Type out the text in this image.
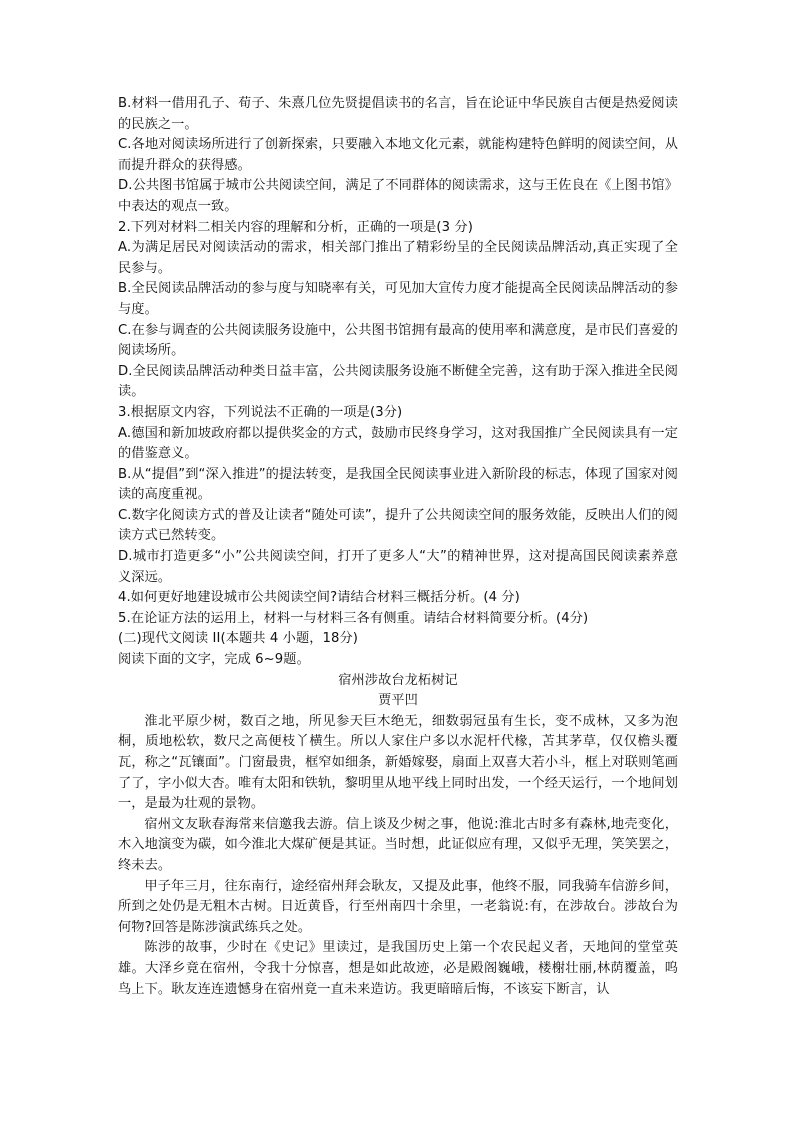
B.材料一借用孔子、荀子、朱熹几位先贤提倡读书的名言，旨在论证中华民族自古便是热爱阅读的民族之一。

C.各地对阅读场所进行了创新探索，只要融入本地文化元素，就能构建特色鲜明的阅读空间，从而提升群众的获得感。

D.公共图书馆属于城市公共阅读空间，满足了不同群体的阅读需求，这与王佐良在《上图书馆》中表达的观点一致。

2.下列对材料二相关内容的理解和分析，正确的一项是(3 分)

A.为满足居民对阅读活动的需求，相关部门推出了精彩纷呈的全民阅读品牌活动,真正实现了全民参与。

B.全民阅读品牌活动的参与度与知晓率有关，可见加大宣传力度才能提高全民阅读品牌活动的参与度。

C.在参与调查的公共阅读服务设施中，公共图书馆拥有最高的使用率和满意度，是市民们喜爱的阅读场所。

D.全民阅读品牌活动种类日益丰富，公共阅读服务设施不断健全完善，这有助于深入推进全民阅读。

3.根据原文内容，下列说法不正确的一项是(3分)

A.德国和新加坡政府都以提供奖金的方式，鼓励市民终身学习，这对我国推广全民阅读具有一定的借鉴意义。

B.从“提倡”到“深入推进”的提法转变，是我国全民阅读事业进入新阶段的标志，体现了国家对阅读的高度重视。

C.数字化阅读方式的普及让读者“随处可读”，提升了公共阅读空间的服务效能，反映出人们的阅读方式已然转变。

D.城市打造更多“小”公共阅读空间，打开了更多人“大”的精神世界，这对提高国民阅读素养意义深远。

4.如何更好地建设城市公共阅读空间?请结合材料三概括分析。(4 分)

5.在论证方法的运用上，材料一与材料三各有侧重。请结合材料简要分析。(4分)

(二)现代文阅读 II(本题共 4 小题，18分)

阅读下面的文字，完成 6~9题。

宿州涉故台龙柘树记

贾平凹

淮北平原少树，数百之地，所见参天巨木绝无，细数弱冠虽有生长，变不成林，又多为泡桐，质地松软，数尺之高便枝丫横生。所以人家住户多以水泥杆代椽，苫其茅草，仅仅檐头覆瓦，称之“瓦镶面”。门窗最贵，框窄如细条，新婚嫁娶，扇面上双喜大若小斗，框上对联则笔画了了，字小似大杏。唯有太阳和铁轨，黎明里从地平线上同时出发，一个经天运行，一个地间划一，是最为壮观的景物。

宿州文友耿春海常来信邀我去游。信上谈及少树之事，他说:淮北古时多有森林,地壳变化，木入地演变为碳，如今淮北大煤矿便是其证。当时想，此证似应有理，又似乎无理，笑笑罢之，终未去。

甲子年三月，往东南行，途经宿州拜会耿友，又提及此事，他终不服，同我骑车信游乡间，所到之处仍是无粗木古树。日近黄昏，行至州南四十余里，一老翁说:有，在涉故台。涉故台为何物?回答是陈涉演武练兵之处。

陈涉的故事，少时在《史记》里读过，是我国历史上第一个农民起义者，天地间的堂堂英雄。大泽乡竟在宿州，令我十分惊喜，想是如此故迹，必是殿阁巍峨，楼榭壮丽,林荫覆盖，呜鸟上下。耿友连连遗憾身在宿州竟一直未来造访。我更暗暗后悔，不该妄下断言，认
